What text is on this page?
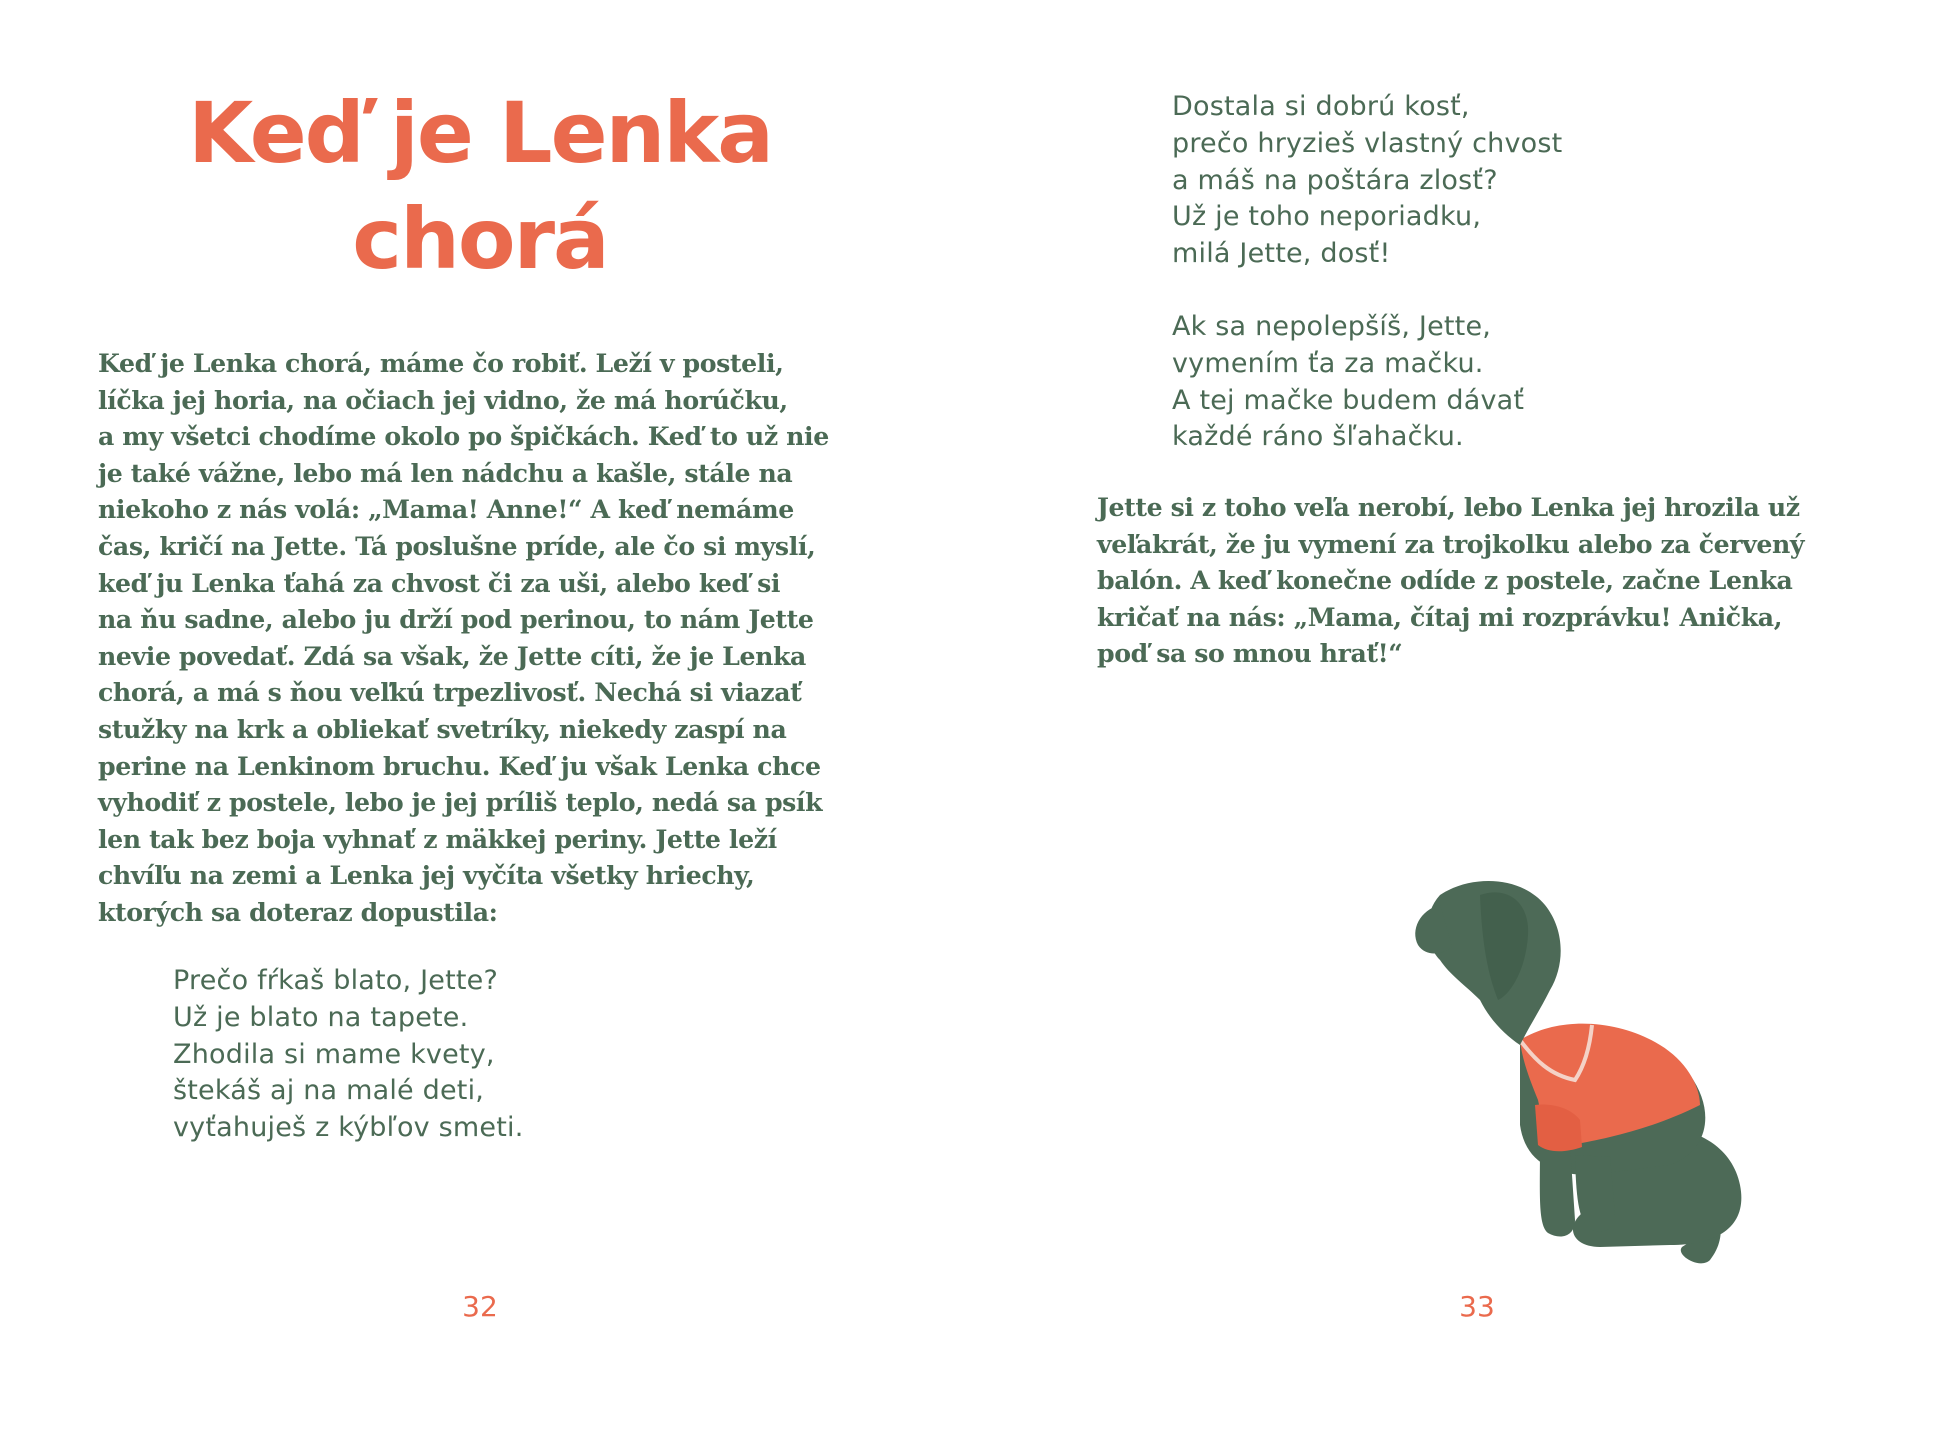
Keď je Lenka
chorá
Keď je Lenka chorá, máme čo robiť. Leží v posteli,
líčka jej horia, na očiach jej vidno, že má horúčku,
a my všetci chodíme okolo po špičkách. Keď to už nie
je také vážne, lebo má len nádchu a kašle, stále na
niekoho z nás volá: „Mama! Anne!“ A keď nemáme
čas, kričí na Jette. Tá poslušne príde, ale čo si myslí,
keď ju Lenka ťahá za chvost či za uši, alebo keď si
na ňu sadne, alebo ju drží pod perinou, to nám Jette
nevie povedať. Zdá sa však, že Jette cíti, že je Lenka
chorá, a má s ňou veľkú trpezlivosť. Nechá si viazať
stužky na krk a obliekať svetríky, niekedy zaspí na
perine na Lenkinom bruchu. Keď ju však Lenka chce
vyhodiť z postele, lebo je jej príliš teplo, nedá sa psík
len tak bez boja vyhnať z mäkkej periny. Jette leží
chvíľu na zemi a Lenka jej vyčíta všetky hriechy,
ktorých sa doteraz dopustila:
Prečo fŕkaš blato, Jette?
Už je blato na tapete.
Zhodila si mame kvety,
štekáš aj na malé deti,
vyťahuješ z kýbľov smeti.
32
Dostala si dobrú kosť,
prečo hryzieš vlastný chvost
a máš na poštára zlosť?
Už je toho neporiadku,
milá Jette, dosť!
Ak sa nepolepšíš, Jette,
vymením ťa za mačku.
A tej mačke budem dávať
každé ráno šľahačku.
Jette si z toho veľa nerobí, lebo Lenka jej hrozila už
veľakrát, že ju vymení za trojkolku alebo za červený
balón. A keď konečne odíde z postele, začne Lenka
kričať na nás: „Mama, čítaj mi rozprávku! Anička,
poď sa so mnou hrať!“
33
